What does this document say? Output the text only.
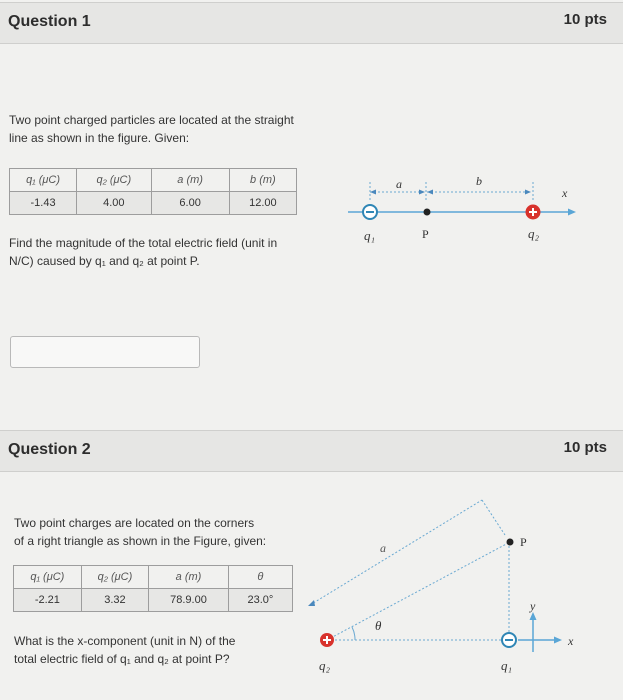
Question 1	10 pts
Two point charged particles are located at the straight
line as shown in the figure. Given:
q₁ (μC)	q₂ (μC)	a (m)	b (m)
-1.43	4.00	6.00	12.00
Find the magnitude of the total electric field (unit in
N/C) caused by q₁ and q₂ at point P.
a	b
x
q₁	P	q₂
Question 2	10 pts
Two point charges are located on the corners
of a right triangle as shown in the Figure, given:
q₁ (μC)	q₂ (μC)	a (m)	θ
-2.21	3.32	78.9.00	23.0°
What is the x-component (unit in N) of the
total electric field of q₁ and q₂ at point P?
θ
a	P
y
x
q₂	q₁
